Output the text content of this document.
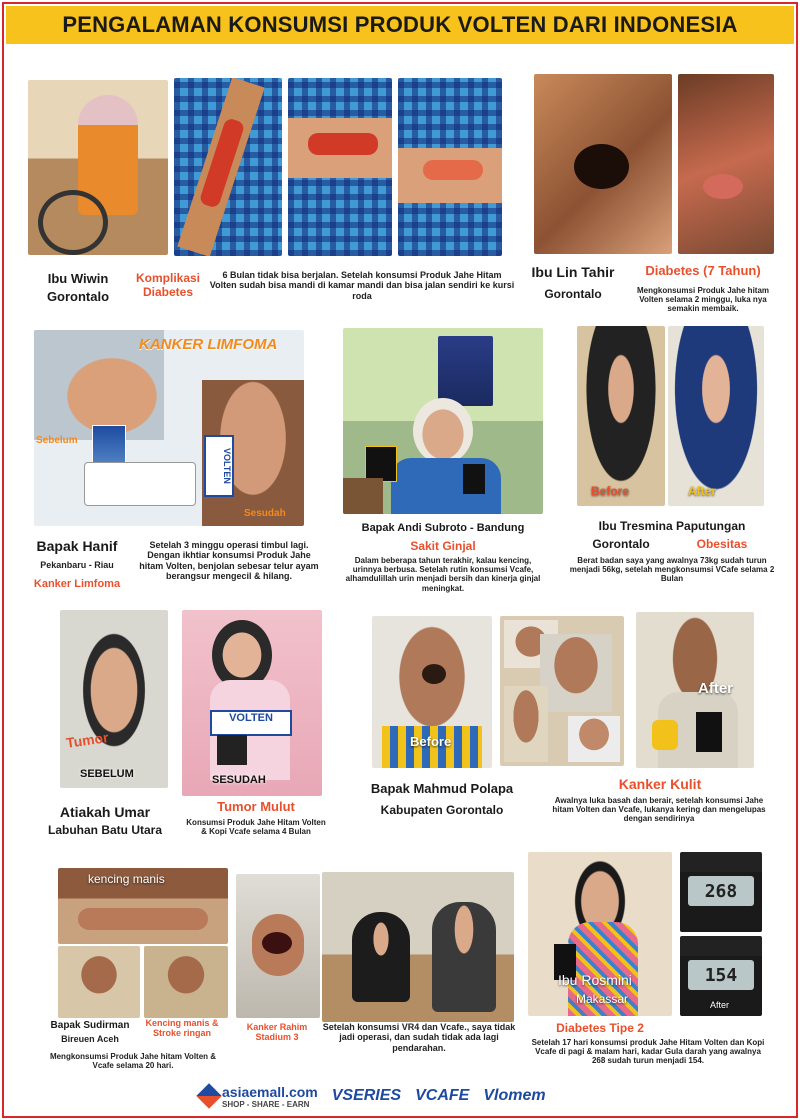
PENGALAMAN KONSUMSI PRODUK VOLTEN DARI INDONESIA
Ibu Wiwin
Gorontalo
Komplikasi Diabetes
6 Bulan tidak bisa berjalan. Setelah konsumsi Produk Jahe Hitam Volten sudah bisa mandi di kamar mandi dan bisa jalan sendiri ke kursi roda
Ibu Lin Tahir
Gorontalo
Diabetes (7 Tahun)
Mengkonsumsi Produk Jahe hitam Volten selama 2 minggu, luka nya semakin membaik.
KANKER LIMFOMA
VOLTEN
Sebelum
Sesudah
Bapak Hanif
Pekanbaru - Riau
Kanker Limfoma
Setelah 3 minggu operasi timbul lagi. Dengan ikhtiar konsumsi Produk Jahe hitam Volten, benjolan sebesar telur ayam berangsur mengecil & hilang.
Bapak Andi Subroto - Bandung
Sakit Ginjal
Dalam beberapa tahun terakhir, kalau kencing, urinnya berbusa. Setelah rutin konsumsi Vcafe, alhamdulillah urin menjadi bersih dan kinerja ginjal meningkat.
Before	After
Ibu Tresmina Paputungan
Gorontalo	Obesitas
Berat badan saya yang awalnya 73kg sudah turun menjadi 56kg, setelah mengkonsumsi VCafe selama 2 Bulan
Tumor
SEBELUM
VOLTEN
SESUDAH
Atiakah Umar
Labuhan Batu Utara
Tumor Mulut
Konsumsi Produk Jahe Hitam Volten & Kopi Vcafe selama 4 Bulan
Before
After
Bapak Mahmud Polapa
Kabupaten Gorontalo
Kanker Kulit
Awalnya luka basah dan berair, setelah konsumsi Jahe hitam Volten dan Vcafe, lukanya kering dan mengelupas dengan sendirinya
kencing manis
Bapak Sudirman
Bireuen Aceh
Kencing manis & Stroke ringan
Mengkonsumsi Produk Jahe hitam Volten & Vcafe selama 20 hari.
Kanker Rahim Stadium 3
Setelah konsumsi VR4 dan Vcafe., saya tidak jadi operasi, dan sudah tidak ada lagi pendarahan.
Ibu Rosmini
Makassar
268
154
After
Diabetes Tipe 2
Setelah 17 hari konsumsi produk Jahe Hitam Volten dan Kopi Vcafe di pagi & malam hari, kadar Gula darah yang awalnya 268 sudah turun menjadi 154.
asiaemall.com
SHOP - SHARE - EARN	VSERIES VCAFE Vlomem
